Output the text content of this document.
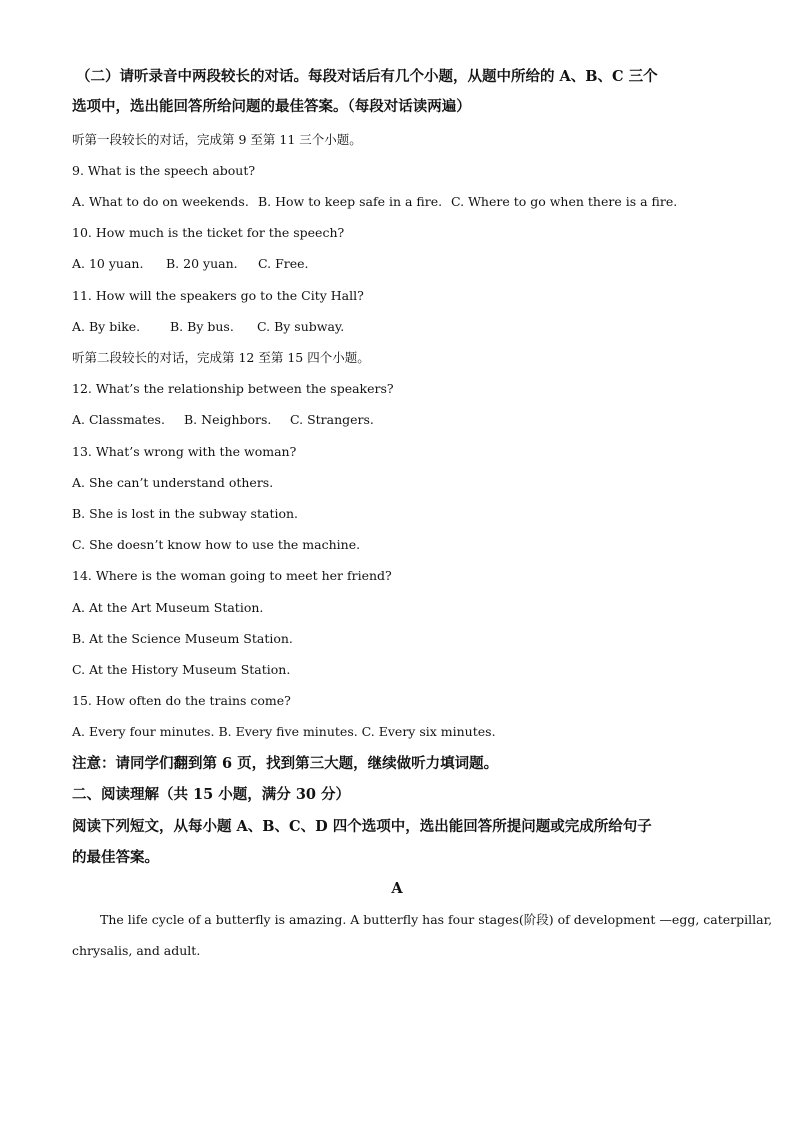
（二）请听录音中两段较长的对话。每段对话后有几个小题，从题中所给的 A、B、C 三个
选项中，选出能回答所给问题的最佳答案。（每段对话读两遍）
听第一段较长的对话，完成第 9 至第 11 三个小题。
9. What is the speech about?
A. What to do on weekends. B. How to keep safe in a fire. C. Where to go when there is a fire.
10. How much is the ticket for the speech?
A. 10 yuan. B. 20 yuan. C. Free.
11. How will the speakers go to the City Hall?
A. By bike. B. By bus. C. By subway.
听第二段较长的对话，完成第 12 至第 15 四个小题。
12. What’s the relationship between the speakers?
A. Classmates. B. Neighbors. C. Strangers.
13. What’s wrong with the woman?
A. She can’t understand others.
B. She is lost in the subway station.
C. She doesn’t know how to use the machine.
14. Where is the woman going to meet her friend?
A. At the Art Museum Station.
B. At the Science Museum Station.
C. At the History Museum Station.
15. How often do the trains come?
A. Every four minutes. B. Every five minutes. C. Every six minutes.
注意：请同学们翻到第 6 页，找到第三大题，继续做听力填词题。
二、阅读理解（共 15 小题，满分 30 分）
阅读下列短文，从每小题 A、B、C、D 四个选项中，选出能回答所提问题或完成所给句子
的最佳答案。
A
The life cycle of a butterfly is amazing. A butterfly has four stages(阶段) of development —egg, caterpillar,
chrysalis, and adult.
